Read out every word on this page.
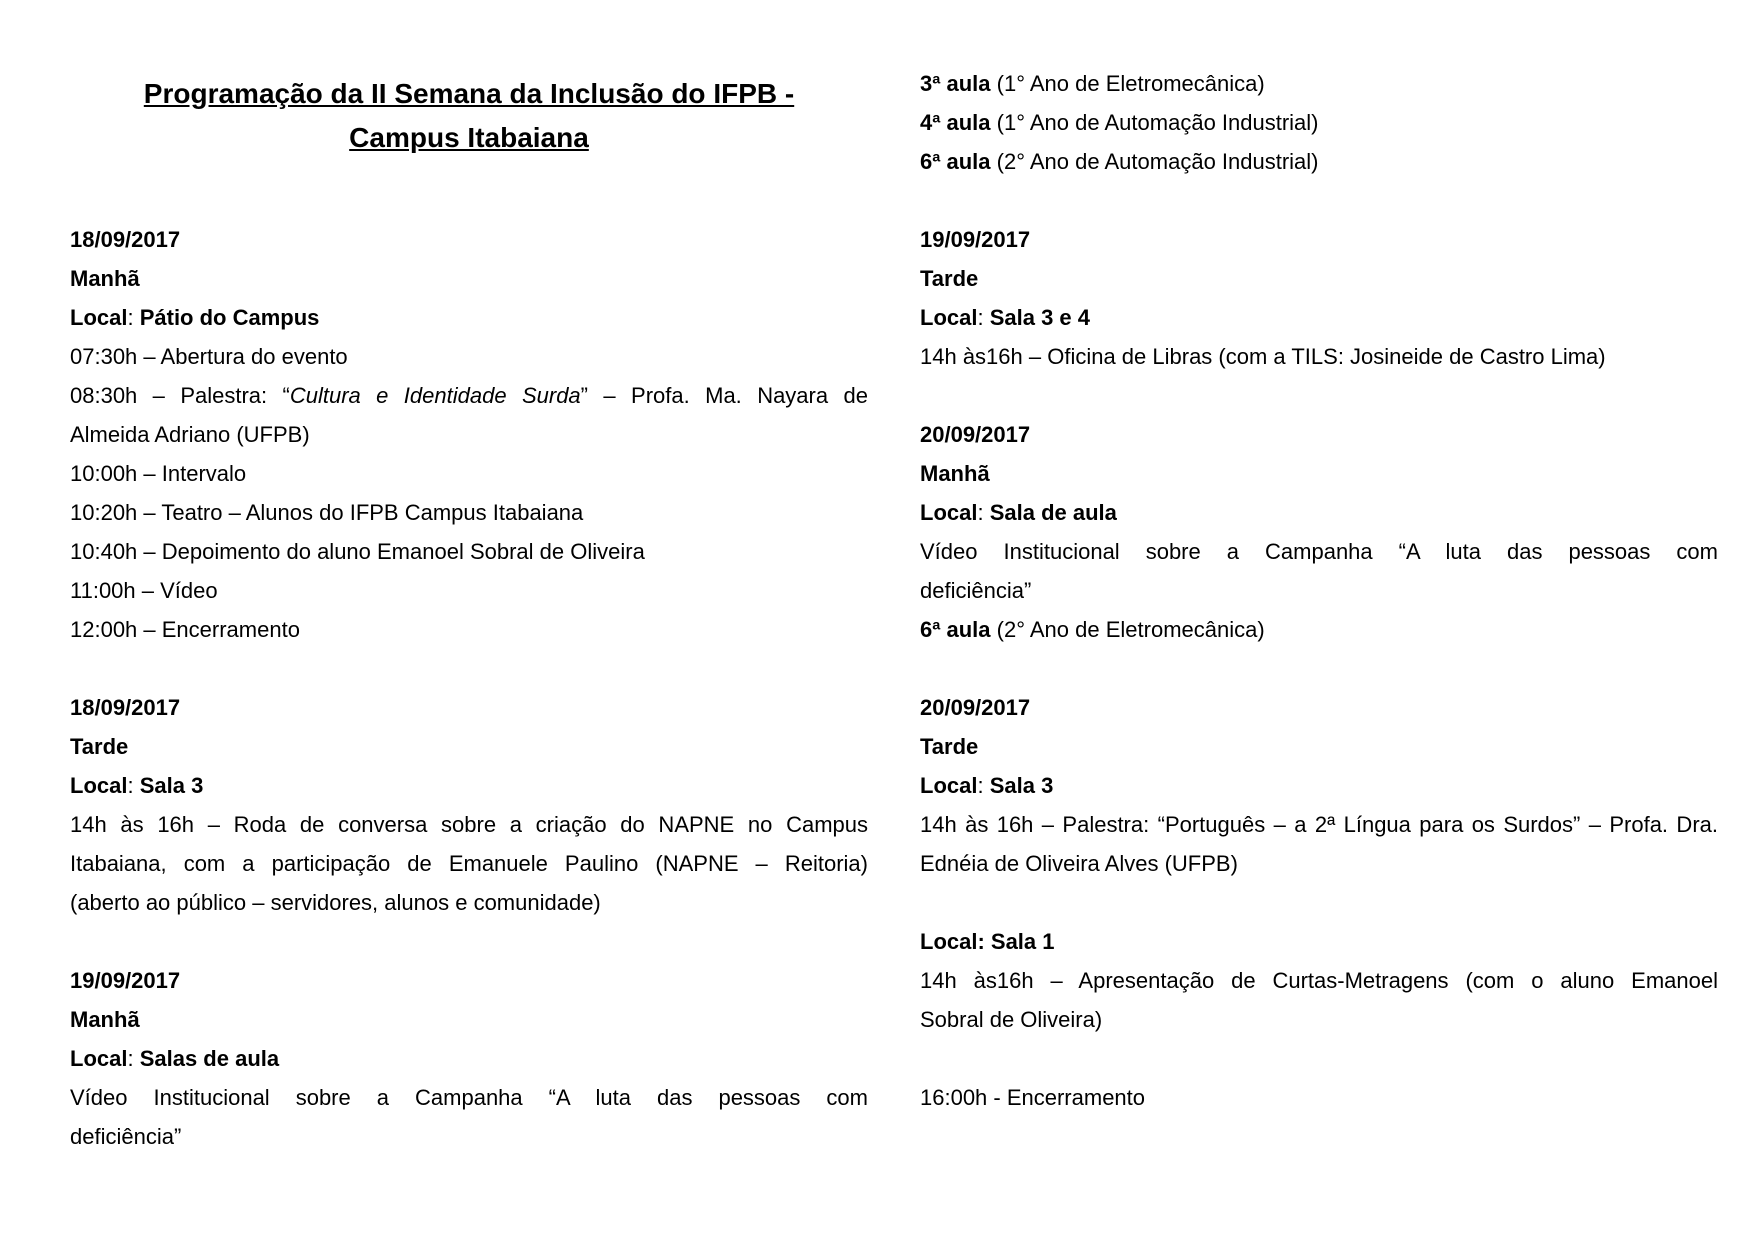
Programação da II Semana da Inclusão do IFPB -
Campus Itabaiana
18/09/2017
Manhã
Local: Pátio do Campus
07:30h – Abertura do evento
08:30h – Palestra: “Cultura e Identidade Surda” – Profa. Ma. Nayara de
Almeida Adriano (UFPB)
10:00h – Intervalo
10:20h – Teatro – Alunos do IFPB Campus Itabaiana
10:40h – Depoimento do aluno Emanoel Sobral de Oliveira
11:00h – Vídeo
12:00h – Encerramento
18/09/2017
Tarde
Local: Sala 3
14h às 16h – Roda de conversa sobre a criação do NAPNE no Campus
Itabaiana, com a participação de Emanuele Paulino (NAPNE – Reitoria)
(aberto ao público – servidores, alunos e comunidade)
19/09/2017
Manhã
Local: Salas de aula
Vídeo Institucional sobre a Campanha “A luta das pessoas com
deficiência”
3ª aula (1° Ano de Eletromecânica)
4ª aula (1° Ano de Automação Industrial)
6ª aula (2° Ano de Automação Industrial)
19/09/2017
Tarde
Local: Sala 3 e 4
14h às16h – Oficina de Libras (com a TILS: Josineide de Castro Lima)
20/09/2017
Manhã
Local: Sala de aula
Vídeo Institucional sobre a Campanha “A luta das pessoas com
deficiência”
6ª aula (2° Ano de Eletromecânica)
20/09/2017
Tarde
Local: Sala 3
14h às 16h – Palestra: “Português – a 2ª Língua para os Surdos” – Profa. Dra.
Ednéia de Oliveira Alves (UFPB)
Local: Sala 1
14h às16h – Apresentação de Curtas-Metragens (com o aluno Emanoel
Sobral de Oliveira)
16:00h - Encerramento
